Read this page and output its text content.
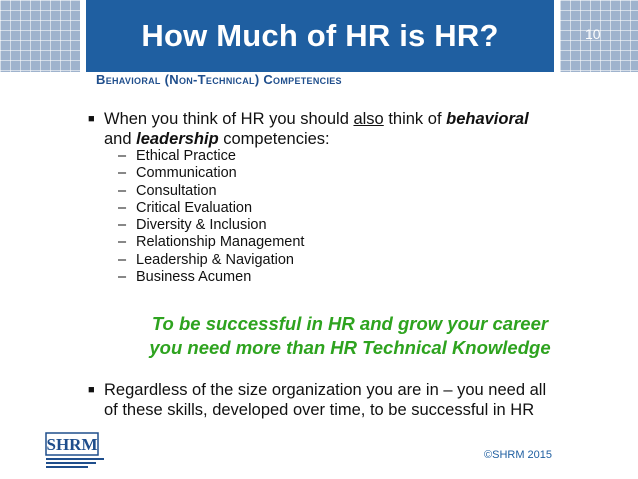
How Much of HR is HR?	10
Behavioral (Non-Technical) Competencies
■ When you think of HR you should also think of behavioral
and leadership competencies:
– Ethical Practice
– Communication
– Consultation
– Critical Evaluation
– Diversity & Inclusion
– Relationship Management
– Leadership & Navigation
– Business Acumen
To be successful in HR and grow your career
you need more than HR Technical Knowledge
■ Regardless of the size organization you are in – you need all
of these skills, developed over time, to be successful in HR
SHRM
©SHRM 2015
